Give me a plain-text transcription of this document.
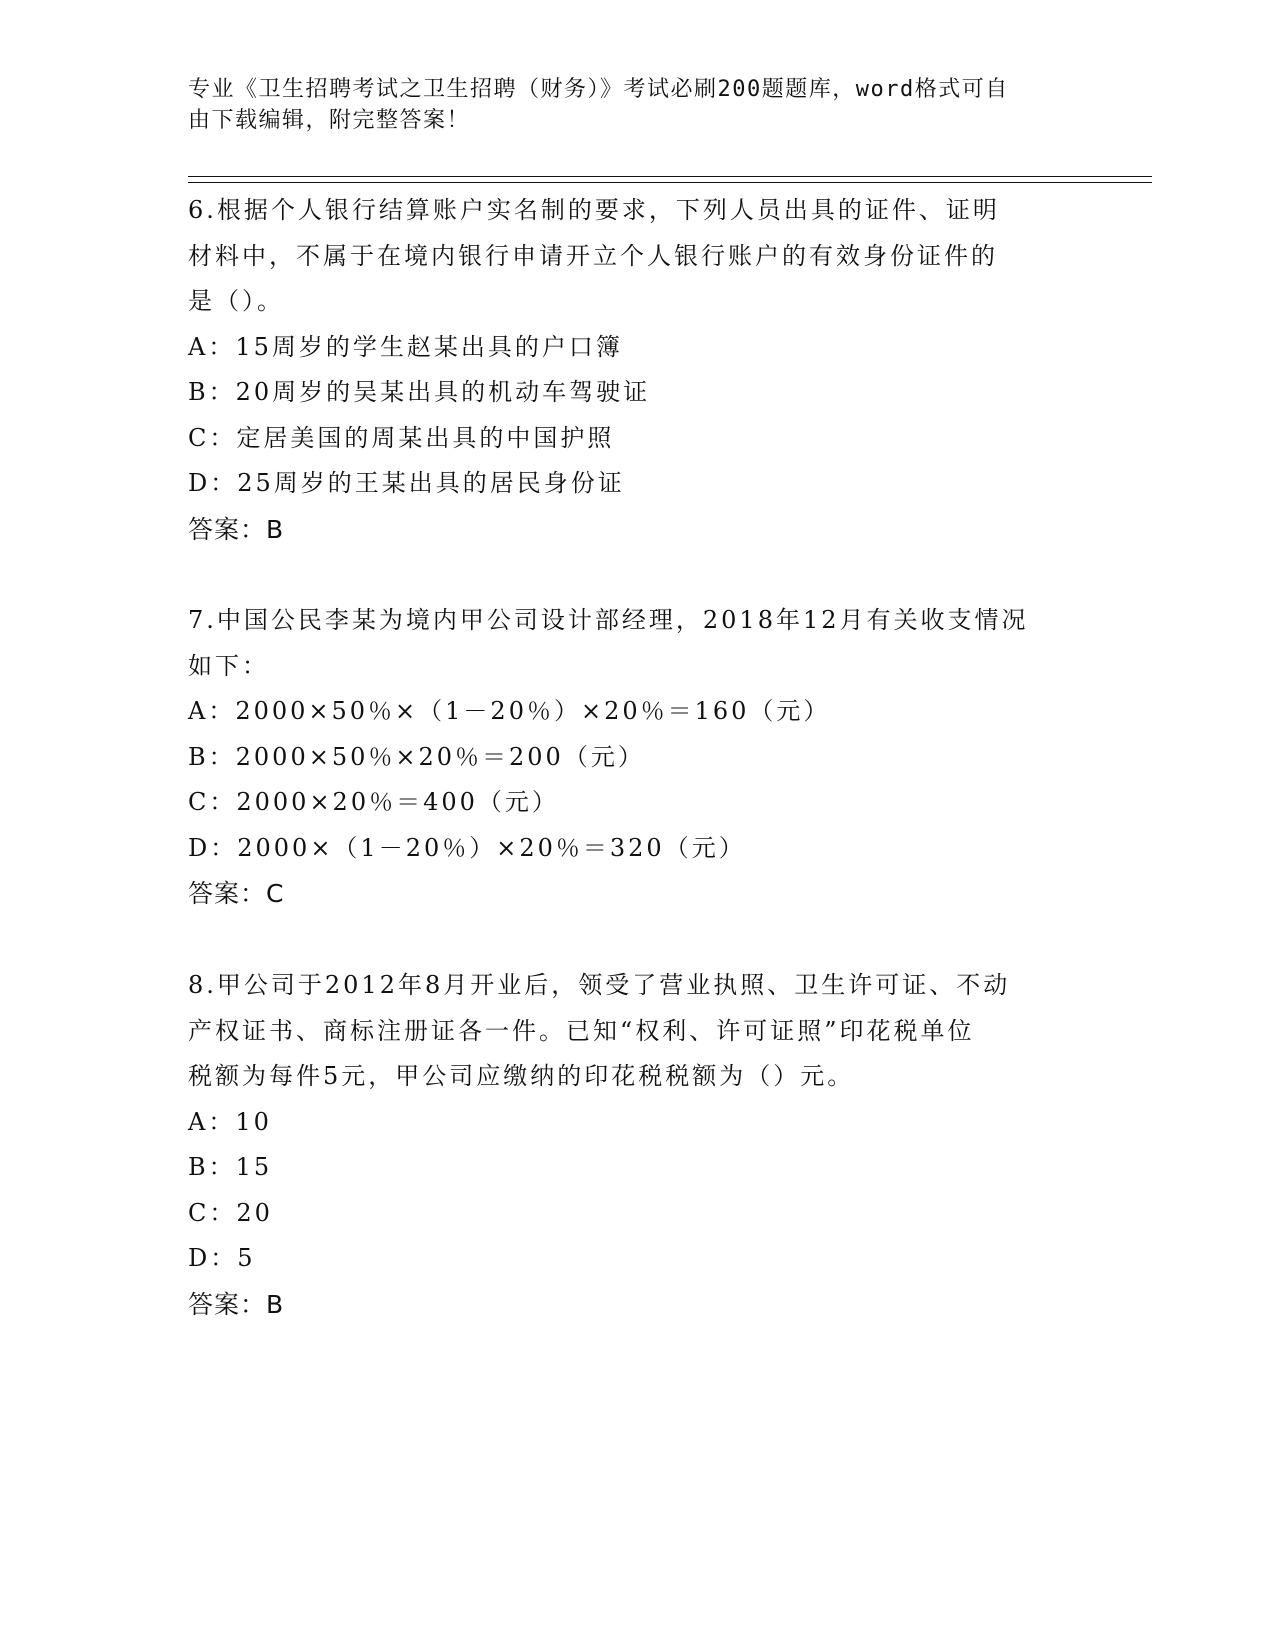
专业《卫生招聘考试之卫生招聘（财务）》考试必刷200题题库，word格式可自
由下载编辑，附完整答案！
6.根据个人银行结算账户实名制的要求，下列人员出具的证件、证明
材料中，不属于在境内银行申请开立个人银行账户的有效身份证件的
是（）。
A：15周岁的学生赵某出具的户口簿
B：20周岁的吴某出具的机动车驾驶证
C：定居美国的周某出具的中国护照
D：25周岁的王某出具的居民身份证
答案：B
7.中国公民李某为境内甲公司设计部经理，2018年12月有关收支情况
如下：
A：2000×50％×（1－20％）×20％＝160（元）
B：2000×50％×20％＝200（元）
C：2000×20％＝400（元）
D：2000×（1－20％）×20％＝320（元）
答案：C
8.甲公司于2012年8月开业后，领受了营业执照、卫生许可证、不动
产权证书、商标注册证各一件。已知“权利、许可证照”印花税单位
税额为每件5元，甲公司应缴纳的印花税税额为（）元。
A：10
B：15
C：20
D：5
答案：B
